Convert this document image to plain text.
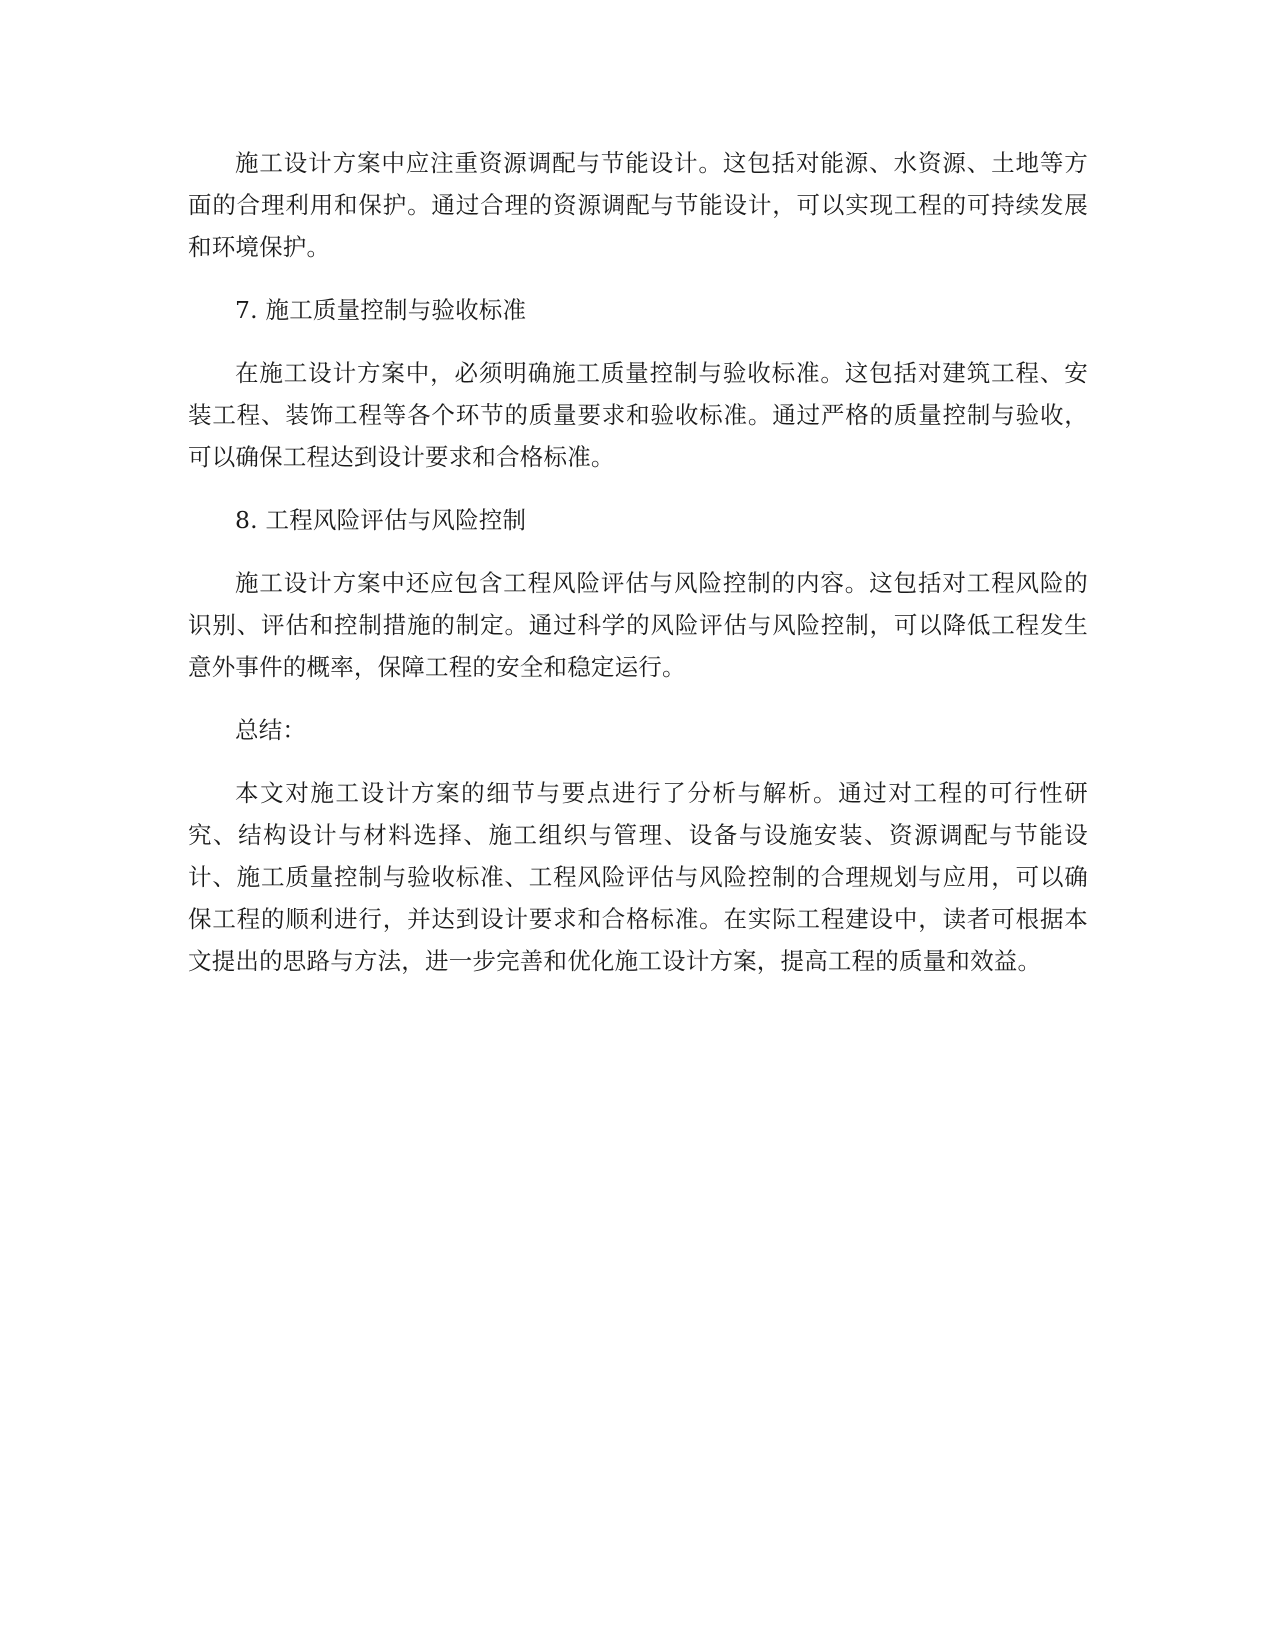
施工设计方案中应注重资源调配与节能设计。这包括对能源、水资源、土地等方面的合理利用和保护。通过合理的资源调配与节能设计，可以实现工程的可持续发展和环境保护。

7. 施工质量控制与验收标准

在施工设计方案中，必须明确施工质量控制与验收标准。这包括对建筑工程、安装工程、装饰工程等各个环节的质量要求和验收标准。通过严格的质量控制与验收，可以确保工程达到设计要求和合格标准。

8. 工程风险评估与风险控制

施工设计方案中还应包含工程风险评估与风险控制的内容。这包括对工程风险的识别、评估和控制措施的制定。通过科学的风险评估与风险控制，可以降低工程发生意外事件的概率，保障工程的安全和稳定运行。

总结：

本文对施工设计方案的细节与要点进行了分析与解析。通过对工程的可行性研究、结构设计与材料选择、施工组织与管理、设备与设施安装、资源调配与节能设计、施工质量控制与验收标准、工程风险评估与风险控制的合理规划与应用，可以确保工程的顺利进行，并达到设计要求和合格标准。在实际工程建设中，读者可根据本文提出的思路与方法，进一步完善和优化施工设计方案，提高工程的质量和效益。
